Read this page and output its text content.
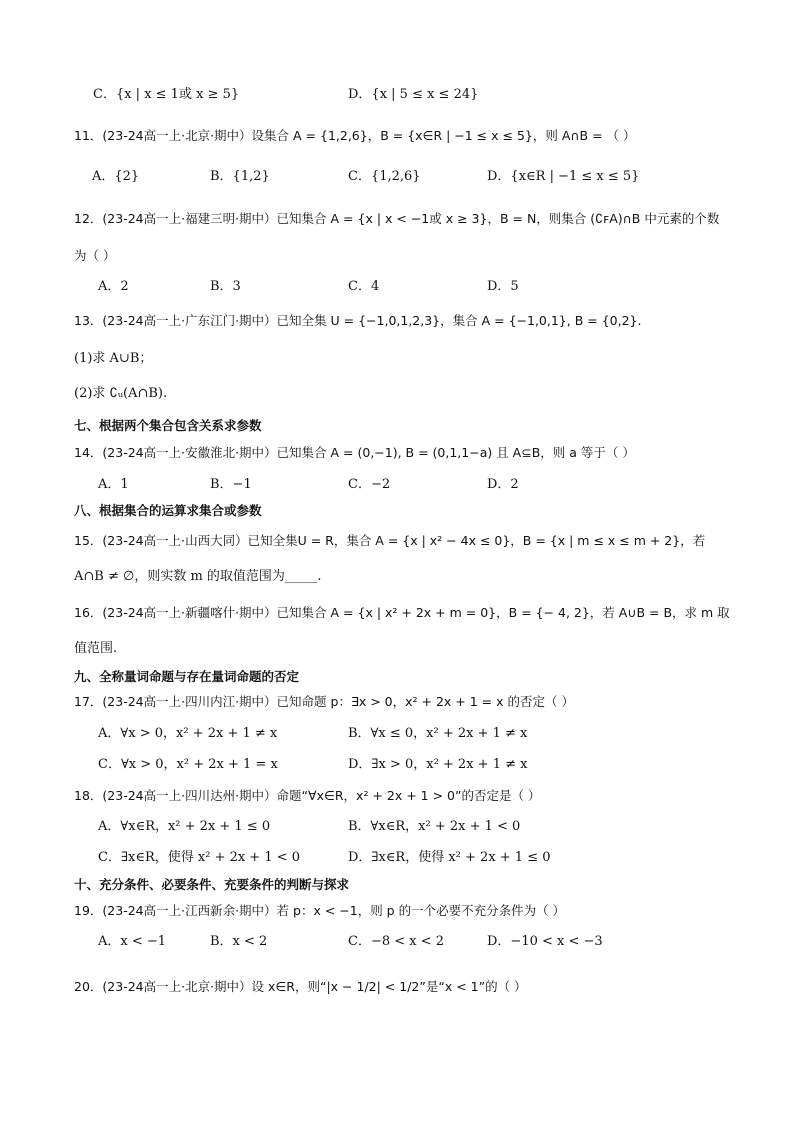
C．{x | x ≤ 1或 x ≥ 5}	D．{x | 5 ≤ x ≤ 24}
11．(23-24高一上·北京·期中）设集合 A = {1,2,6}，B = {x∈R | −1 ≤ x ≤ 5}，则 A∩B = （ ）
A．{2}	B．{1,2}	C．{1,2,6}	D．{x∈R | −1 ≤ x ≤ 5}
12．(23-24高一上·福建三明·期中）已知集合 A = {x | x < −1或 x ≥ 3}，B = N，则集合 (∁ꜰA)∩B 中元素的个数
为（ ）
A．2	B．3	C．4	D．5
13．(23-24高一上·广东江门·期中）已知全集 U = {−1,0,1,2,3}，集合 A = {−1,0,1}, B = {0,2}.
(1)求 A∪B；
(2)求 ∁ᵤ(A∩B).
七、根据两个集合包含关系求参数
14．(23-24高一上·安徽淮北·期中）已知集合 A = (0,−1), B = (0,1,1−a) 且 A⊆B，则 a 等于（ ）
A．1	B．−1	C．−2	D．2
八、根据集合的运算求集合或参数
15．(23-24高一上·山西大同）已知全集U = R，集合 A = {x | x² − 4x ≤ 0}，B = {x | m ≤ x ≤ m + 2}，若
A∩B ≠ ∅，则实数 m 的取值范围为_____.
16．(23-24高一上·新疆喀什·期中）已知集合 A = {x | x² + 2x + m = 0}，B = {− 4, 2}，若 A∪B = B，求 m 取
值范围.
九、全称量词命题与存在量词命题的否定
17．(23-24高一上·四川内江·期中）已知命题 p：∃x > 0，x² + 2x + 1 = x 的否定（ ）
A．∀x > 0，x² + 2x + 1 ≠ x	B．∀x ≤ 0，x² + 2x + 1 ≠ x
C．∀x > 0，x² + 2x + 1 = x	D．∃x > 0，x² + 2x + 1 ≠ x
18．(23-24高一上·四川达州·期中）命题“∀x∈R，x² + 2x + 1 > 0”的否定是（ ）
A．∀x∈R，x² + 2x + 1 ≤ 0	B．∀x∈R，x² + 2x + 1 < 0
C．∃x∈R，使得 x² + 2x + 1 < 0	D．∃x∈R，使得 x² + 2x + 1 ≤ 0
十、充分条件、必要条件、充要条件的判断与探求
19．(23-24高一上·江西新余·期中）若 p：x < −1，则 p 的一个必要不充分条件为（ ）
A．x < −1	B．x < 2	C．−8 < x < 2	D．−10 < x < −3
20．(23-24高一上·北京·期中）设 x∈R，则“|x − 1/2| < 1/2”是“x < 1”的（ ）
